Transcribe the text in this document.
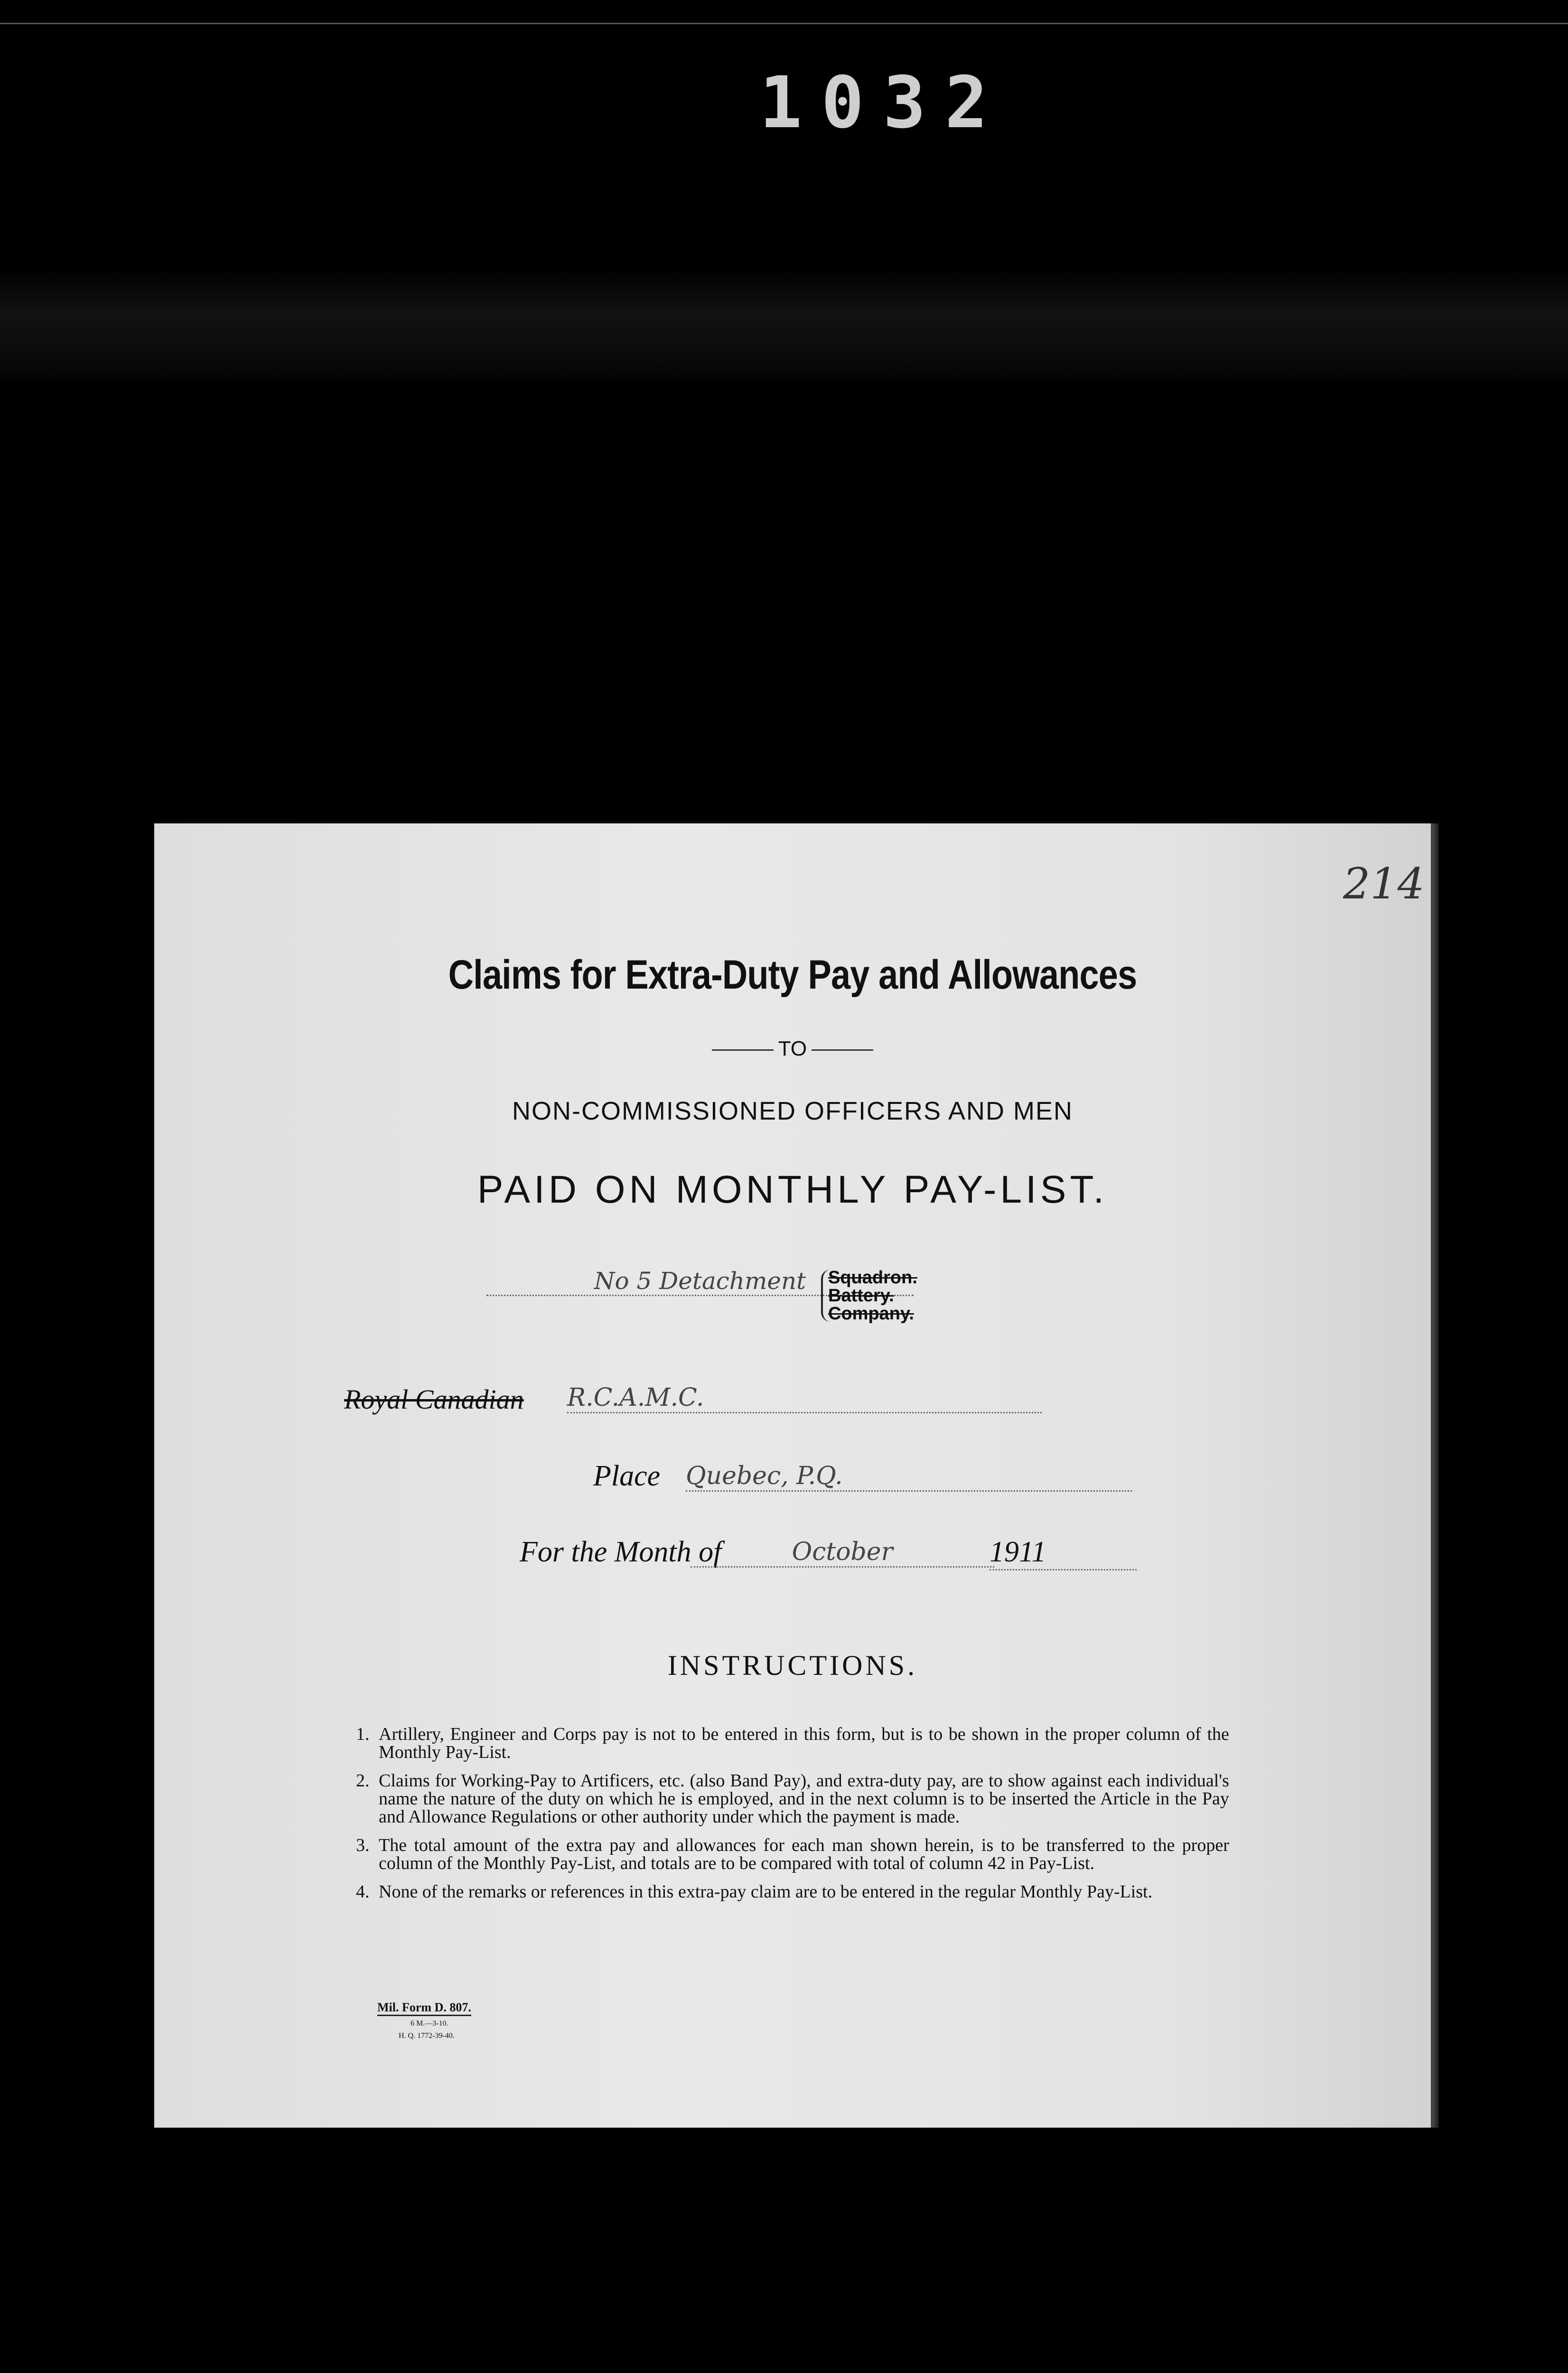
1032
214
Claims for Extra-Duty Pay and Allowances
TO
NON-COMMISSIONED OFFICERS AND MEN
PAID ON MONTHLY PAY-LIST.
No 5 Detachment	Squadron.
Battery.
Company.
Royal Canadian R.C.A.M.C.
Place Quebec, P.Q.
For the Month of	October	1911
INSTRUCTIONS.
1. Artillery, Engineer and Corps pay is not to be entered in this form, but is to be shown in the proper column of the Monthly Pay-List.
2. Claims for Working-Pay to Artificers, etc. (also Band Pay), and extra-duty pay, are to show against each individual's name the nature of the duty on which he is employed, and in the next column is to be inserted the Article in the Pay and Allowance Regulations or other authority under which the payment is made.
3. The total amount of the extra pay and allowances for each man shown herein, is to be transferred to the proper column of the Monthly Pay-List, and totals are to be compared with total of column 42 in Pay-List.
4. None of the remarks or references in this extra-pay claim are to be entered in the regular Monthly Pay-List.
Mil. Form D. 807.
6 M.—3-10.
H. Q. 1772-39-40.
